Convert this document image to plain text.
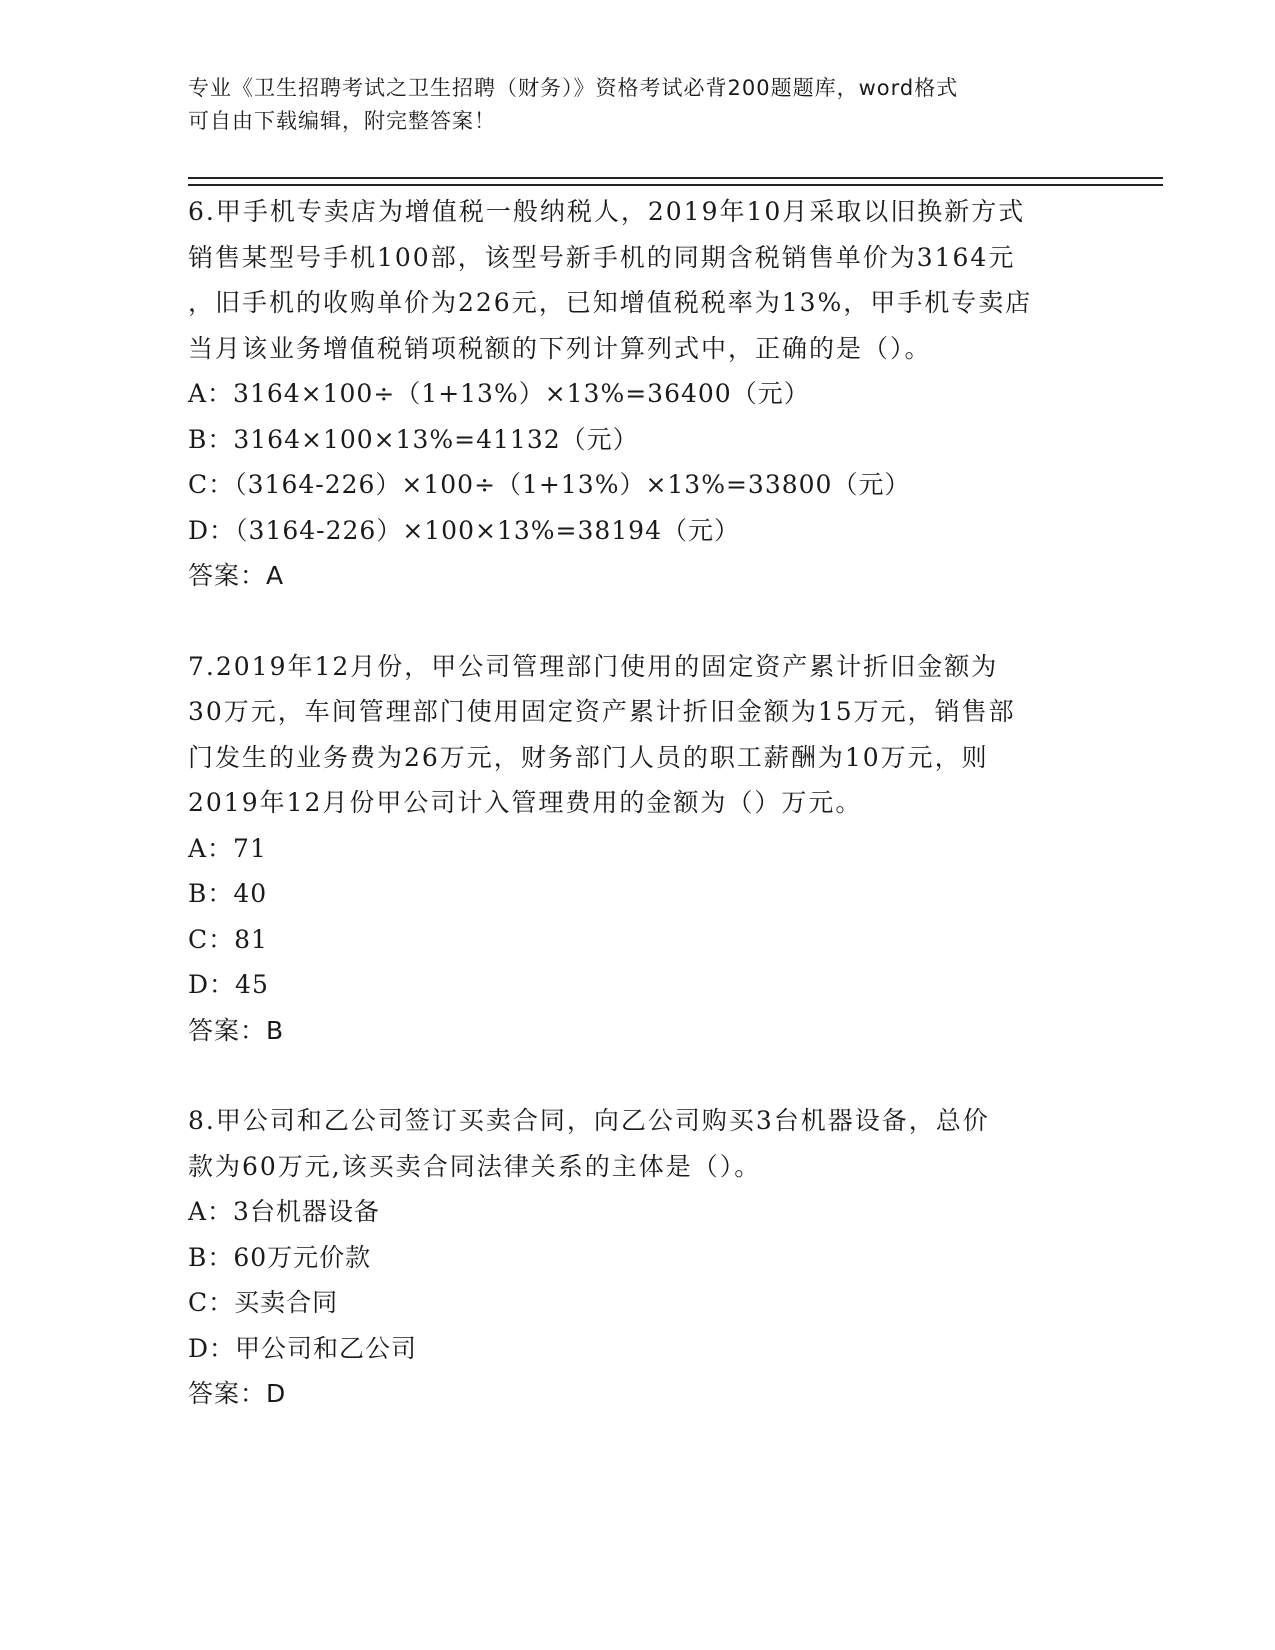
专业《卫生招聘考试之卫生招聘（财务）》资格考试必背200题题库，word格式
可自由下载编辑，附完整答案！
6.甲手机专卖店为增值税一般纳税人，2019年10月采取以旧换新方式
销售某型号手机100部，该型号新手机的同期含税销售单价为3164元
，旧手机的收购单价为226元，已知增值税税率为13%，甲手机专卖店
当月该业务增值税销项税额的下列计算列式中，正确的是（）。
A：3164×100÷（1+13%）×13%=36400（元）
B：3164×100×13%=41132（元）
C：（3164-226）×100÷（1+13%）×13%=33800（元）
D：（3164-226）×100×13%=38194（元）
答案：A
7.2019年12月份，甲公司管理部门使用的固定资产累计折旧金额为
30万元，车间管理部门使用固定资产累计折旧金额为15万元，销售部
门发生的业务费为26万元，财务部门人员的职工薪酬为10万元，则
2019年12月份甲公司计入管理费用的金额为（）万元。
A：71
B：40
C：81
D：45
答案：B
8.甲公司和乙公司签订买卖合同，向乙公司购买3台机器设备，总价
款为60万元,该买卖合同法律关系的主体是（）。
A：3台机器设备
B：60万元价款
C：买卖合同
D：甲公司和乙公司
答案：D
